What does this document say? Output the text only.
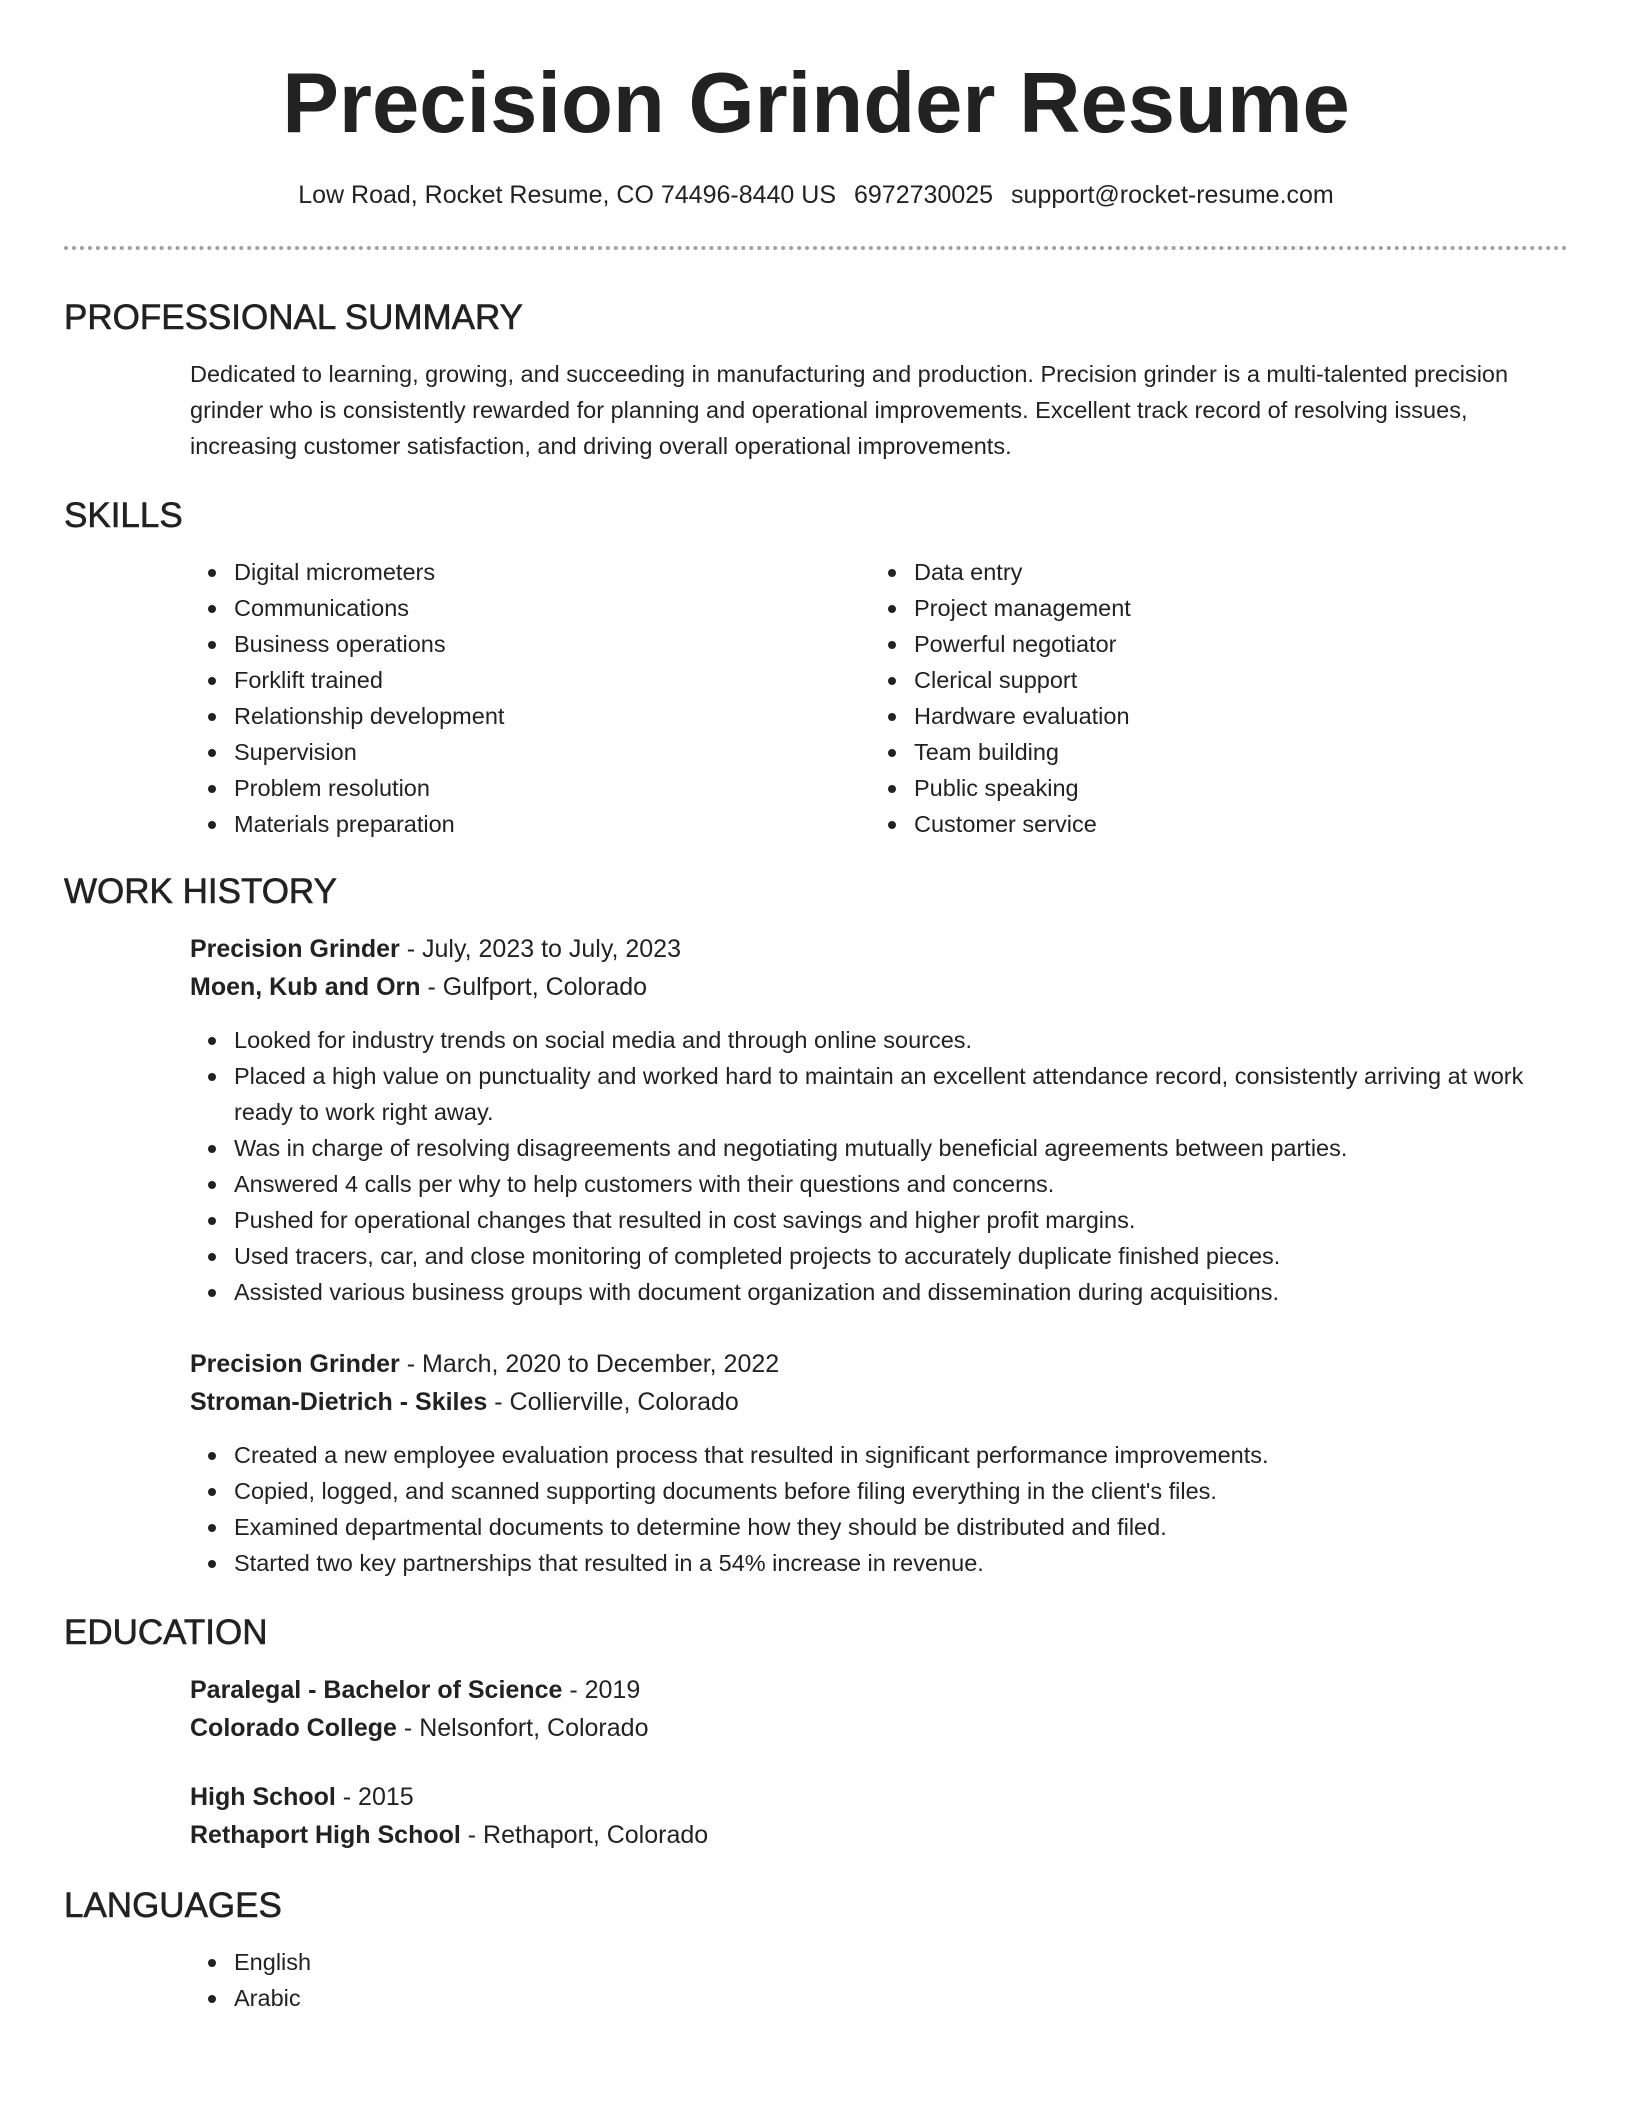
Precision Grinder Resume
Low Road, Rocket Resume, CO 74496-8440 US 6972730025 support@rocket-resume.com
PROFESSIONAL SUMMARY

Dedicated to learning, growing, and succeeding in manufacturing and production. Precision grinder is a multi-talented precision grinder who is consistently rewarded for planning and operational improvements. Excellent track record of resolving issues, increasing customer satisfaction, and driving overall operational improvements.

SKILLS
Digital micrometers
Communications
Business operations
Forklift trained
Relationship development
Supervision
Problem resolution
Materials preparation
Data entry
Project management
Powerful negotiator
Clerical support
Hardware evaluation
Team building
Public speaking
Customer service
WORK HISTORY
Precision Grinder - July, 2023 to July, 2023
Moen, Kub and Orn - Gulfport, Colorado
Looked for industry trends on social media and through online sources.
Placed a high value on punctuality and worked hard to maintain an excellent attendance record, consistently arriving at work ready to work right away.
Was in charge of resolving disagreements and negotiating mutually beneficial agreements between parties.
Answered 4 calls per why to help customers with their questions and concerns.
Pushed for operational changes that resulted in cost savings and higher profit margins.
Used tracers, car, and close monitoring of completed projects to accurately duplicate finished pieces.
Assisted various business groups with document organization and dissemination during acquisitions.
Precision Grinder - March, 2020 to December, 2022
Stroman-Dietrich - Skiles - Collierville, Colorado
Created a new employee evaluation process that resulted in significant performance improvements.
Copied, logged, and scanned supporting documents before filing everything in the client's files.
Examined departmental documents to determine how they should be distributed and filed.
Started two key partnerships that resulted in a 54% increase in revenue.
EDUCATION
Paralegal - Bachelor of Science - 2019
Colorado College - Nelsonfort, Colorado
High School - 2015
Rethaport High School - Rethaport, Colorado
LANGUAGES
English
Arabic
